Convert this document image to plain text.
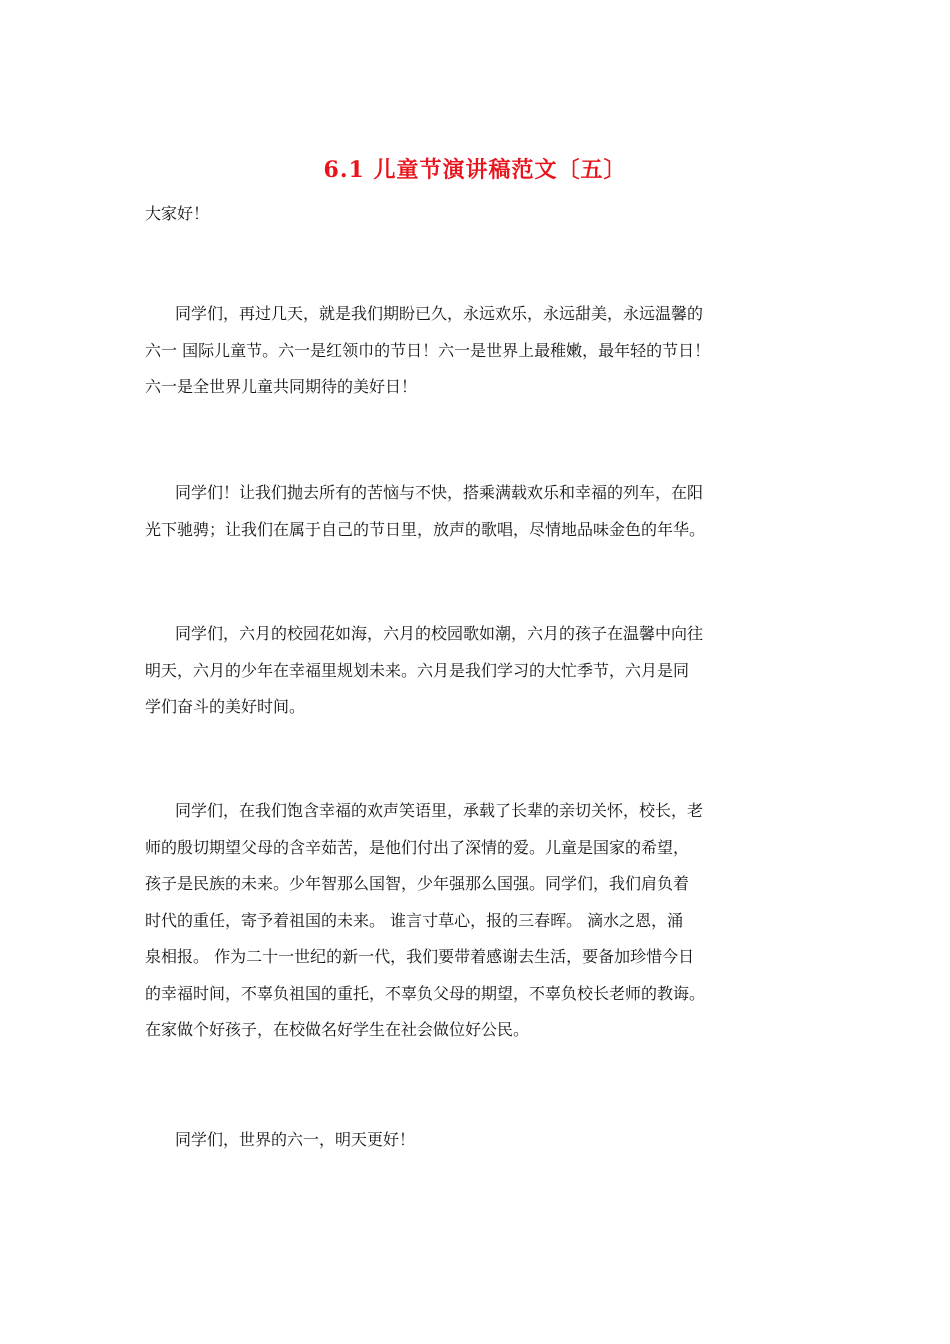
6.1 儿童节演讲稿范文〔五〕
大家好！
同学们，再过几天，就是我们期盼已久，永远欢乐，永远甜美，永远温馨的
六一 国际儿童节。六一是红领巾的节日！六一是世界上最稚嫩，最年轻的节日！
六一是全世界儿童共同期待的美好日！
同学们！让我们抛去所有的苦恼与不快，搭乘满载欢乐和幸福的列车，在阳
光下驰骋；让我们在属于自己的节日里，放声的歌唱，尽情地品味金色的年华。
同学们，六月的校园花如海，六月的校园歌如潮，六月的孩子在温馨中向往
明天，六月的少年在幸福里规划未来。六月是我们学习的大忙季节，六月是同
学们奋斗的美好时间。
同学们，在我们饱含幸福的欢声笑语里，承载了长辈的亲切关怀，校长，老
师的殷切期望父母的含辛茹苦，是他们付出了深情的爱。儿童是国家的希望，
孩子是民族的未来。少年智那么国智，少年强那么国强。同学们，我们肩负着
时代的重任，寄予着祖国的未来。 谁言寸草心，报的三春晖。 滴水之恩，涌
泉相报。 作为二十一世纪的新一代，我们要带着感谢去生活，要备加珍惜今日
的幸福时间，不辜负祖国的重托，不辜负父母的期望，不辜负校长老师的教诲。
在家做个好孩子，在校做名好学生在社会做位好公民。
同学们，世界的六一，明天更好！
